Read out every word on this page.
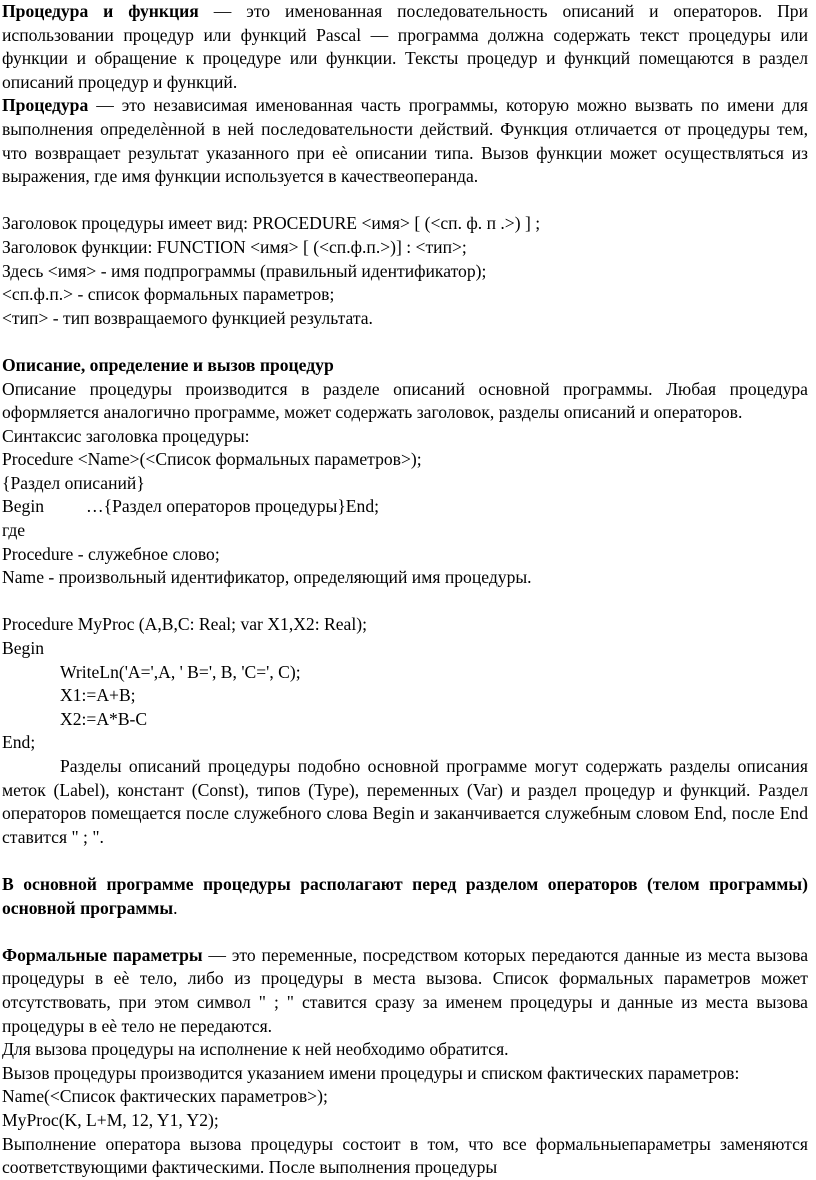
Процедура и функция — это именованная последовательность описаний и операторов. При использовании процедур или функций Pascal — программа должна содержать текст процедуры или функции и обращение к процедуре или функции. Тексты процедур и функций помещаются в раздел описаний процедур и функций.

Процедура — это независимая именованная часть программы, которую можно вызвать по имени для выполнения определѐнной в ней последовательности действий. Функция отличается от процедуры тем, что возвращает результат указанного при еѐ описании типа. Вызов функции может осуществляться из выражения, где имя функции используется в качествеоперанда.

Заголовок процедуры имеет вид: PROCEDURE <имя> [ (<сп. ф. п .>) ] ;

Заголовок функции: FUNCTION <имя> [ (<сп.ф.п.>)] : <тип>;

Здесь <имя> - имя подпрограммы (правильный идентификатор);

<сп.ф.п.> - список формальных параметров;

<тип> - тип возвращаемого функцией результата.

Описание, определение и вызов процедур

Описание процедуры производится в разделе описаний основной программы. Любая процедура оформляется аналогично программе, может содержать заголовок, разделы описаний и операторов.

Синтаксис заголовка процедуры:

Procedure <Name>(<Список формальных параметров>);

{Раздел описаний}

Begin …{Раздел операторов процедуры}End;

где

Procedure - служебное слово;

Name - произвольный идентификатор, определяющий имя процедуры.

Procedure MyProc (A,B,C: Real; var X1,X2: Real);

Begin

WriteLn('A=',A, ' B=', B, 'C=', C);

X1:=A+B;

X2:=A*B-C

End;

Разделы описаний процедуры подобно основной программе могут содержать разделы описания меток (Label), констант (Const), типов (Type), переменных (Var) и раздел процедур и функций. Раздел операторов помещается после служебного слова Begin и заканчивается служебным словом End, после End ставится " ; ".

В основной программе процедуры располагают перед разделом операторов (телом программы) основной программы.

Формальные параметры — это переменные, посредством которых передаются данные из места вызова процедуры в еѐ тело, либо из процедуры в места вызова. Список формальных параметров может отсутствовать, при этом символ " ; " ставится сразу за именем процедуры и данные из места вызова процедуры в еѐ тело не передаются.

Для вызова процедуры на исполнение к ней необходимо обратится.

Вызов процедуры производится указанием имени процедуры и списком фактических параметров:

Name(<Список фактических параметров>);

MyProc(K, L+M, 12, Y1, Y2);

Выполнение оператора вызова процедуры состоит в том, что все формальныепараметры заменяются соответствующими фактическими. После выполнения процедуры
